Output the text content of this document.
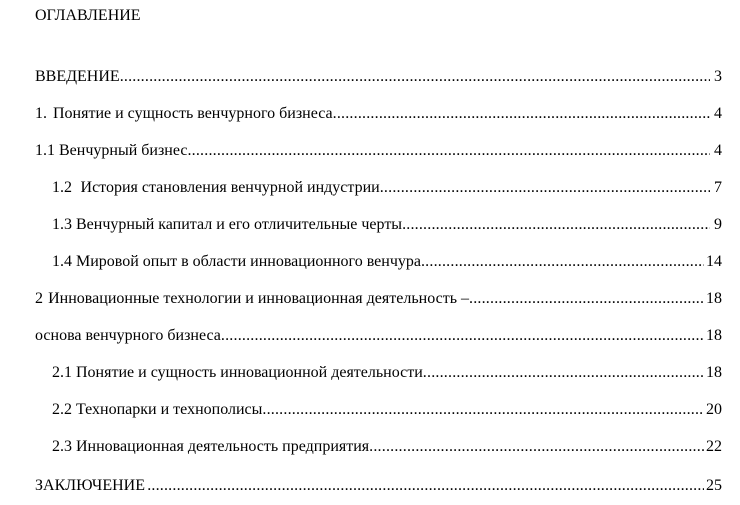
ОГЛАВЛЕНИЕ
ВВЕДЕНИЕ .....	3
1. Понятие и сущность венчурного бизнеса .....	4
1.1 Венчурный бизнес .....	4
1.2 История становления венчурной индустрии .....	7
1.3 Венчурный капитал и его отличительные черты .....	9
1.4 Мировой опыт в области инновационного венчура .....	14
2 Инновационные технологии и инновационная деятельность – .....	18
основа венчурного бизнеса .....	18
2.1 Понятие и сущность инновационной деятельности .....	18
2.2 Технопарки и технополисы .....	20
2.3 Инновационная деятельность предприятия .....	22
ЗАКЛЮЧЕНИЕ .....	25
